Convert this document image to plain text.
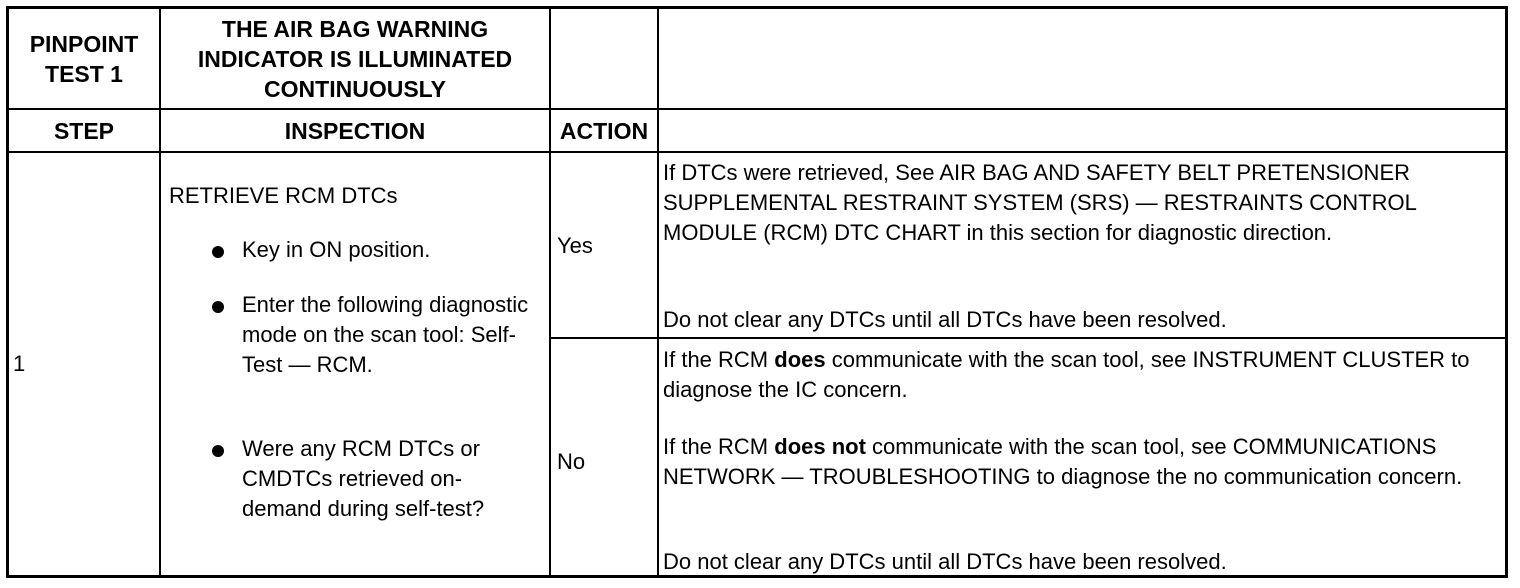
PINPOINT TEST 1
THE AIR BAG WARNING INDICATOR IS ILLUMINATED CONTINUOUSLY
STEP	INSPECTION	ACTION
1
RETRIEVE RCM DTCs
Key in ON position.
Enter the following diagnostic mode on the scan tool: Self-Test — RCM.
Were any RCM DTCs or CMDTCs retrieved on-demand during self-test?
Yes
If DTCs were retrieved, See AIR BAG AND SAFETY BELT PRETENSIONER SUPPLEMENTAL RESTRAINT SYSTEM (SRS) — RESTRAINTS CONTROL MODULE (RCM) DTC CHART in this section for diagnostic direction.
Do not clear any DTCs until all DTCs have been resolved.
No
If the RCM does communicate with the scan tool, see INSTRUMENT CLUSTER to diagnose the IC concern.
If the RCM does not communicate with the scan tool, see COMMUNICATIONS NETWORK — TROUBLESHOOTING to diagnose the no communication concern.
Do not clear any DTCs until all DTCs have been resolved.
